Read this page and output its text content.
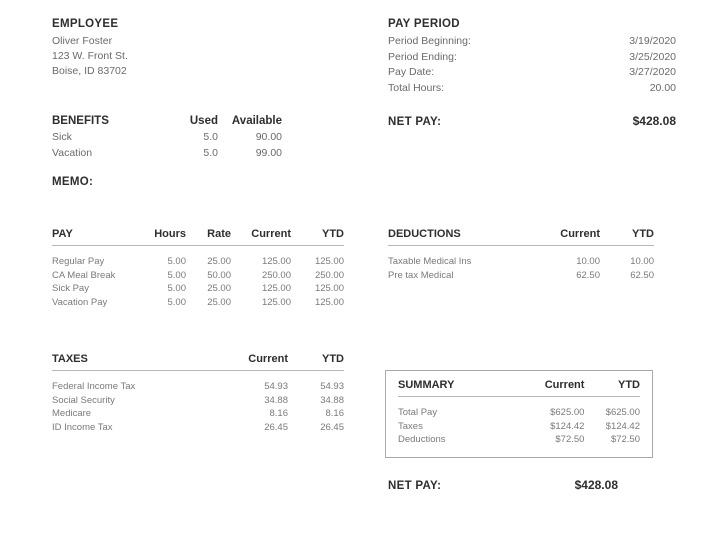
EMPLOYEE
Oliver Foster
123 W. Front St.
Boise, ID 83702
PAY PERIOD
Period Beginning:	3/19/2020
Period Ending:	3/25/2020
Pay Date:	3/27/2020
Total Hours:	20.00
NET PAY:	$428.08
BENEFITS	Used	Available
Sick	5.0	90.00
Vacation	5.0	99.00
MEMO:
PAY	Hours	Rate	Current	YTD
Regular Pay	5.00	25.00	125.00	125.00
CA Meal Break	5.00	50.00	250.00	250.00
Sick Pay	5.00	25.00	125.00	125.00
Vacation Pay	5.00	25.00	125.00	125.00
DEDUCTIONS	Current	YTD
Taxable Medical Ins	10.00	10.00
Pre tax Medical	62.50	62.50
TAXES	Current	YTD
Federal Income Tax	54.93	54.93
Social Security	34.88	34.88
Medicare	8.16	8.16
ID Income Tax	26.45	26.45
SUMMARY	Current	YTD
Total Pay	$625.00	$625.00
Taxes	$124.42	$124.42
Deductions	$72.50	$72.50
NET PAY:	$428.08
